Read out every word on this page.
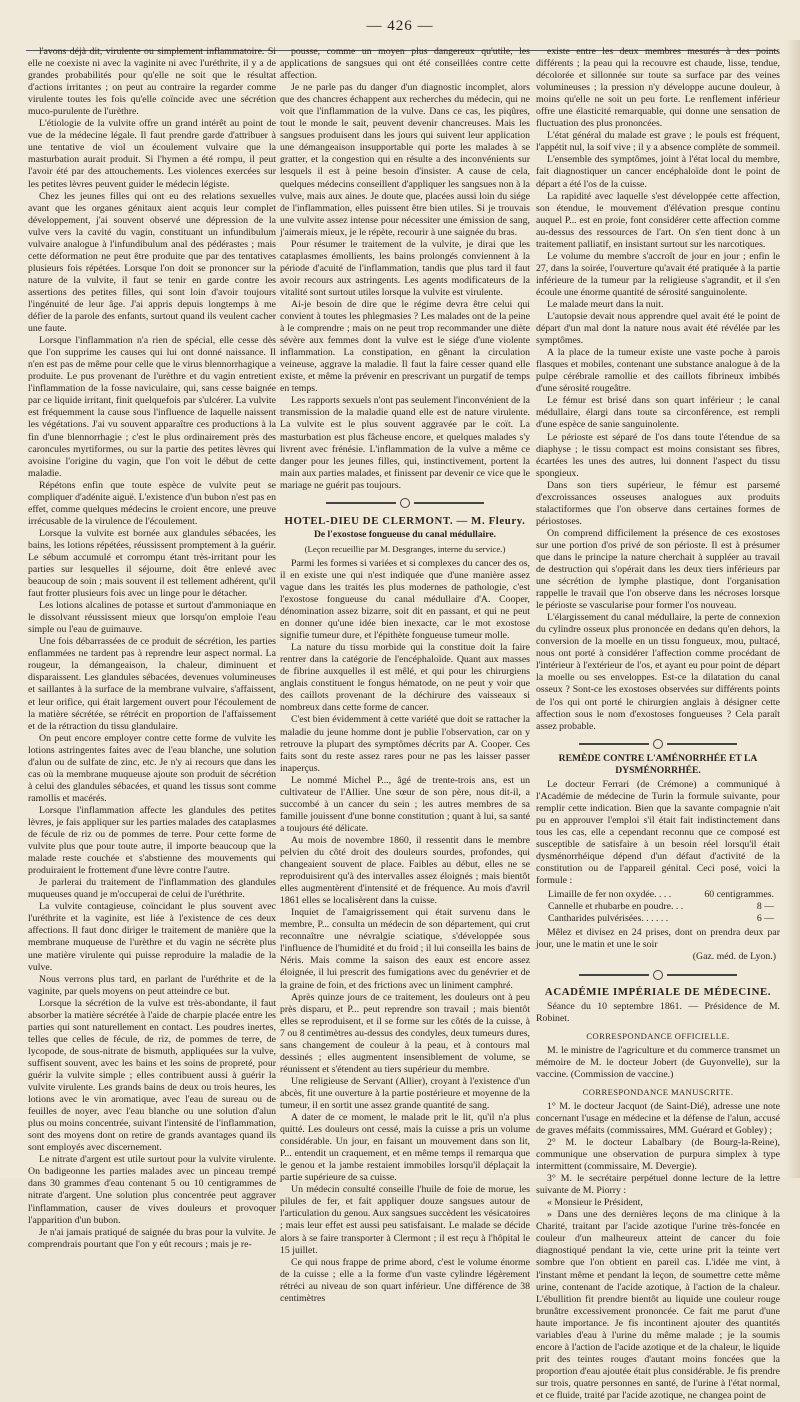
— 426 —

l'avons déjà dit, virulente ou simplement inflammatoire. Si elle ne coexiste ni avec la vaginite ni avec l'uréthrite, il y a de grandes probabilités pour qu'elle ne soit que le résultat d'actions irritantes ; on peut au contraire la regarder comme virulente toutes les fois qu'elle coïncide avec une sécrétion muco-purulente de l'urèthre.

L'étiologie de la vulvite offre un grand intérêt au point de vue de la médecine légale. Il faut prendre garde d'attribuer à une tentative de viol un écoulement vulvaire que la masturbation aurait produit. Si l'hymen a été rompu, il peut l'avoir été par des attouchements. Les violences exercées sur les petites lèvres peuvent guider le médecin légiste.

Chez les jeunes filles qui ont eu des relations sexuelles avant que les organes génitaux aient acquis leur complet développement, j'ai souvent observé une dépression de la vulve vers la cavité du vagin, constituant un infundibulum vulvaire analogue à l'infundibulum anal des pédérastes ; mais cette déformation ne peut être produite que par des tentatives plusieurs fois répétées. Lorsque l'on doit se prononcer sur la nature de la vulvite, il faut se tenir en garde contre les assertions des petites filles, qui sont loin d'avoir toujours l'ingénuité de leur âge. J'ai appris depuis longtemps à me défier de la parole des enfants, surtout quand ils veulent cacher une faute.

Lorsque l'inflammation n'a rien de spécial, elle cesse dès que l'on supprime les causes qui lui ont donné naissance. Il n'en est pas de même pour celle que le virus blennorrhagique a produite. Le pus provenant de l'urèthre et du vagin entretient l'inflammation de la fosse naviculaire, qui, sans cesse baignée par ce liquide irritant, finit quelquefois par s'ulcérer. La vulvite est fréquemment la cause sous l'influence de laquelle naissent les végétations. J'ai vu souvent apparaître ces productions à la fin d'une blennorrhagie ; c'est le plus ordinairement près des caroncules myrtiformes, ou sur la partie des petites lèvres qui avoisine l'origine du vagin, que l'on voit le début de cette maladie.

Répétons enfin que toute espèce de vulvite peut se compliquer d'adénite aiguë. L'existence d'un bubon n'est pas en effet, comme quelques médecins le croient encore, une preuve irrécusable de la virulence de l'écoulement.

Lorsque la vulvite est bornée aux glandules sébacées, les bains, les lotions répétées, réussissent promptement à la guérir. Le sébum accumulé et corrompu étant très-irritant pour les parties sur lesquelles il séjourne, doit être enlevé avec beaucoup de soin ; mais souvent il est tellement adhérent, qu'il faut frotter plusieurs fois avec un linge pour le détacher.

Les lotions alcalines de potasse et surtout d'ammoniaque en le dissolvant réussissent mieux que lorsqu'on emploie l'eau simple ou l'eau de guimauve.

Une fois débarrassées de ce produit de sécrétion, les parties enflammées ne tardent pas à reprendre leur aspect normal. La rougeur, la démangeaison, la chaleur, diminuent et disparaissent. Les glandules sébacées, devenues volumineuses et saillantes à la surface de la membrane vulvaire, s'affaissent, et leur orifice, qui était largement ouvert pour l'écoulement de la matière sécrétée, se rétrécit en proportion de l'affaissement et de la rétraction du tissu glandulaire.

On peut encore employer contre cette forme de vulvite les lotions astringentes faites avec de l'eau blanche, une solution d'alun ou de sulfate de zinc, etc. Je n'y ai recours que dans les cas où la membrane muqueuse ajoute son produit de sécrétion à celui des glandules sébacées, et quand les tissus sont comme ramollis et macérés.

Lorsque l'inflammation affecte les glandules des petites lèvres, je fais appliquer sur les parties malades des cataplasmes de fécule de riz ou de pommes de terre. Pour cette forme de vulvite plus que pour toute autre, il importe beaucoup que la malade reste couchée et s'abstienne des mouvements qui produiraient le frottement d'une lèvre contre l'autre.

Je parlerai du traitement de l'inflammation des glandules muqueuses quand je m'occuperai de celui de l'uréthrite.

La vulvite contagieuse, coïncidant le plus souvent avec l'uréthrite et la vaginite, est liée à l'existence de ces deux affections. Il faut donc diriger le traitement de manière que la membrane muqueuse de l'urèthre et du vagin ne sécrète plus une matière virulente qui puisse reproduire la maladie de la vulve.

Nous verrons plus tard, en parlant de l'uréthrite et de la vaginite, par quels moyens on peut atteindre ce but.

Lorsque la sécrétion de la vulve est très-abondante, il faut absorber la matière sécrétée à l'aide de charpie placée entre les parties qui sont naturellement en contact. Les poudres inertes, telles que celles de fécule, de riz, de pommes de terre, de lycopode, de sous-nitrate de bismuth, appliquées sur la vulve, suffisent souvent, avec les bains et les soins de propreté, pour guérir la vulvite simple ; elles contribuent aussi à guérir la vulvite virulente. Les grands bains de deux ou trois heures, les lotions avec le vin aromatique, avec l'eau de sureau ou de feuilles de noyer, avec l'eau blanche ou une solution d'alun plus ou moins concentrée, suivant l'intensité de l'inflammation, sont des moyens dont on retire de grands avantages quand ils sont employés avec discernement.

Le nitrate d'argent est utile surtout pour la vulvite virulente. On badigeonne les parties malades avec un pinceau trempé dans 30 grammes d'eau contenant 5 ou 10 centigrammes de nitrate d'argent. Une solution plus concentrée peut aggraver l'inflammation, causer de vives douleurs et provoquer l'apparition d'un bubon.

Je n'ai jamais pratiqué de saignée du bras pour la vulvite. Je comprendrais pourtant que l'on y eût recours ; mais je re-

pousse, comme un moyen plus dangereux qu'utile, les applications de sangsues qui ont été conseillées contre cette affection.

Je ne parle pas du danger d'un diagnostic incomplet, alors que des chancres échappent aux recherches du médecin, qui ne voit que l'inflammation de la vulve. Dans ce cas, les piqûres, tout le monde le sait, peuvent devenir chancreuses. Mais les sangsues produisent dans les jours qui suivent leur application une démangeaison insupportable qui porte les malades à se gratter, et la congestion qui en résulte a des inconvénients sur lesquels il est à peine besoin d'insister. A cause de cela, quelques médecins conseillent d'appliquer les sangsues non à la vulve, mais aux aines. Je doute que, placées aussi loin du siége de l'inflammation, elles puissent être bien utiles. Si je trouvais une vulvite assez intense pour nécessiter une émission de sang, j'aimerais mieux, je le répète, recourir à une saignée du bras.

Pour résumer le traitement de la vulvite, je dirai que les cataplasmes émollients, les bains prolongés conviennent à la période d'acuité de l'inflammation, tandis que plus tard il faut avoir recours aux astringents. Les agents modificateurs de la vitalité sont surtout utiles lorsque la vulvite est virulente.

Ai-je besoin de dire que le régime devra être celui qui convient à toutes les phlegmasies ? Les malades ont de la peine à le comprendre ; mais on ne peut trop recommander une diète sévère aux femmes dont la vulve est le siége d'une violente inflammation. La constipation, en gênant la circulation veineuse, aggrave la maladie. Il faut la faire cesser quand elle existe, et même la prévenir en prescrivant un purgatif de temps en temps.

Les rapports sexuels n'ont pas seulement l'inconvénient de la transmission de la maladie quand elle est de nature virulente. La vulvite est le plus souvent aggravée par le coït. La masturbation est plus fâcheuse encore, et quelques malades s'y livrent avec frénésie. L'inflammation de la vulve a même ce danger pour les jeunes filles, qui, instinctivement, portent la main aux parties malades, et finissent par devenir ce vice que le mariage ne guérit pas toujours.

HOTEL-DIEU DE CLERMONT. — M. Fleury.
De l'exostose fongueuse du canal médullaire.
(Leçon recueillie par M. Desgranges, interne du service.)

Parmi les formes si variées et si complexes du cancer des os, il en existe une qui n'est indiquée que d'une manière assez vague dans les traités les plus modernes de pathologie, c'est l'exostose fongueuse du canal médullaire d'A. Cooper, dénomination assez bizarre, soit dit en passant, et qui ne peut en donner qu'une idée bien inexacte, car le mot exostose signifie tumeur dure, et l'épithète fongueuse tumeur molle.

La nature du tissu morbide qui la constitue doit la faire rentrer dans la catégorie de l'encéphaloïde. Quant aux masses de fibrine auxquelles il est mêlé, et qui pour les chirurgiens anglais constituent le fongus hématode, on ne peut y voir que des caillots provenant de la déchirure des vaisseaux si nombreux dans cette forme de cancer.

C'est bien évidemment à cette variété que doit se rattacher la maladie du jeune homme dont je publie l'observation, car on y retrouve la plupart des symptômes décrits par A. Cooper. Ces faits sont du reste assez rares pour ne pas les laisser passer inaperçus.

Le nommé Michel P..., âgé de trente-trois ans, est un cultivateur de l'Allier. Une sœur de son père, nous dit-il, a succombé à un cancer du sein ; les autres membres de sa famille jouissent d'une bonne constitution ; quant à lui, sa santé a toujours été délicate.

Au mois de novembre 1860, il ressentit dans le membre pelvien du côté droit des douleurs sourdes, profondes, qui changeaient souvent de place. Faibles au début, elles ne se reproduisirent qu'à des intervalles assez éloignés ; mais bientôt elles augmentèrent d'intensité et de fréquence. Au mois d'avril 1861 elles se localisèrent dans la cuisse.

Inquiet de l'amaigrissement qui était survenu dans le membre, P... consulta un médecin de son département, qui crut reconnaître une névralgie sciatique, s'développée sous l'influence de l'humidité et du froid ; il lui conseilla les bains de Néris. Mais comme la saison des eaux est encore assez éloignée, il lui prescrit des fumigations avec du genévrier et de la graine de foin, et des frictions avec un liniment camphré.

Après quinze jours de ce traitement, les douleurs ont à peu près disparu, et P... peut reprendre son travail ; mais bientôt elles se reproduisent, et il se forme sur les côtés de la cuisse, à 7 ou 8 centimètres au-dessus des condyles, deux tumeurs dures, sans changement de couleur à la peau, et à contours mal dessinés ; elles augmentent insensiblement de volume, se réunissent et s'étendent au tiers supérieur du membre.

Une religieuse de Servant (Allier), croyant à l'existence d'un abcès, fit une ouverture à la partie postérieure et moyenne de la tumeur, il en sortit une assez grande quantité de sang.

A dater de ce moment, le malade prit le lit, qu'il n'a plus quitté. Les douleurs ont cessé, mais la cuisse a pris un volume considérable. Un jour, en faisant un mouvement dans son lit, P... entendit un craquement, et en même temps il remarqua que le genou et la jambe restaient immobiles lorsqu'il déplaçait la partie supérieure de sa cuisse.

Un médecin consulté conseille l'huile de foie de morue, les pilules de fer, et fait appliquer douze sangsues autour de l'articulation du genou. Aux sangsues succèdent les vésicatoires ; mais leur effet est aussi peu satisfaisant. Le malade se décide alors à se faire transporter à Clermont ; il est reçu à l'hôpital le 15 juillet.

Ce qui nous frappe de prime abord, c'est le volume énorme de la cuisse ; elle a la forme d'un vaste cylindre légèrement rétréci au niveau de son quart inférieur. Une différence de 38 centimètres

existe entre les deux membres mesurés à des points différents ; la peau qui la recouvre est chaude, lisse, tendue, décolorée et sillonnée sur toute sa surface par des veines volumineuses ; la pression n'y développe aucune douleur, à moins qu'elle ne soit un peu forte. Le renflement inférieur offre une élasticité remarquable, qui donne une sensation de fluctuation des plus prononcées.

L'état général du malade est grave ; le pouls est fréquent, l'appétit nul, la soif vive ; il y a absence complète de sommeil.

L'ensemble des symptômes, joint à l'état local du membre, fait diagnostiquer un cancer encéphaloïde dont le point de départ a été l'os de la cuisse.

La rapidité avec laquelle s'est développée cette affection, son étendue, le mouvement d'élévation presque continu auquel P... est en proie, font considérer cette affection comme au-dessus des ressources de l'art. On s'en tient donc à un traitement palliatif, en insistant surtout sur les narcotiques.

Le volume du membre s'accroît de jour en jour ; enfin le 27, dans la soirée, l'ouverture qu'avait été pratiquée à la partie inférieure de la tumeur par la religieuse s'agrandit, et il s'en écoule une énorme quantité de sérosité sanguinolente.

Le malade meurt dans la nuit.

L'autopsie devait nous apprendre quel avait été le point de départ d'un mal dont la nature nous avait été révélée par les symptômes.

A la place de la tumeur existe une vaste poche à parois flasques et mobiles, contenant une substance analogue à de la pulpe cérébrale ramollie et des caillots fibrineux imbibés d'une sérosité rougeâtre.

Le fémur est brisé dans son quart inférieur ; le canal médullaire, élargi dans toute sa circonférence, est rempli d'une espèce de sanie sanguinolente.

Le périoste est séparé de l'os dans toute l'étendue de sa diaphyse ; le tissu compact est moins consistant ses fibres, écartées les unes des autres, lui donnent l'aspect du tissu spongieux.

Dans son tiers supérieur, le fémur est parsemé d'excroissances osseuses analogues aux produits stalactiformes que l'on observe dans certaines formes de périostoses.

On comprend difficilement la présence de ces exostoses sur une portion d'os privé de son périoste. Il est à présumer que dans le principe la nature cherchait à suppléer au travail de destruction qui s'opérait dans les deux tiers inférieurs par une sécrétion de lymphe plastique, dont l'organisation rappelle le travail que l'on observe dans les nécroses lorsque le périoste se vascularise pour former l'os nouveau.

L'élargissement du canal médullaire, la perte de connexion du cylindre osseux plus prononcée en dedans qu'en dehors, la conversion de la moelle en un tissu fongueux, mou, pultacé, nous ont porté à considérer l'affection comme procédant de l'intérieur à l'extérieur de l'os, et ayant eu pour point de départ la moelle ou ses enveloppes. Est-ce la dilatation du canal osseux ? Sont-ce les exostoses observées sur différents points de l'os qui ont porté le chirurgien anglais à désigner cette affection sous le nom d'exostoses fongueuses ? Cela paraît assez probable.

REMÈDE CONTRE L'AMÉNORRHÉE ET LA DYSMÉNORRHÉE.

Le docteur Ferrari (de Crémone) a communiqué à l'Académie de médecine de Turin la formule suivante, pour remplir cette indication. Bien que la savante compagnie n'ait pu en approuver l'emploi s'il était fait indistinctement dans tous les cas, elle a cependant reconnu que ce composé est susceptible de satisfaire à un besoin réel lorsqu'il était dysménorrhéique dépend d'un défaut d'activité de la constitution ou de l'appareil génital. Ceci posé, voici la formule :

Limaille de fer non oxydée. . . .	60 centigrammes.
Cannelle et rhubarbe en poudre. . .	8 —
Cantharides pulvérisées. . . . . .	6 —

Mêlez et divisez en 24 prises, dont on prendra deux par jour, une le matin et une le soir

(Gaz. méd. de Lyon.)
ACADÉMIE IMPÉRIALE DE MÉDECINE.

Séance du 10 septembre 1861. — Présidence de M. Robinet.

CORRESPONDANCE OFFICIELLE.

M. le ministre de l'agriculture et du commerce transmet un mémoire de M. le docteur Jobert (de Guyonvelle), sur la vaccine. (Commission de vaccine.)

CORRESPONDANCE MANUSCRITE.

1° M. le docteur Jacquot (de Saint-Dié), adresse une note concernant l'usage en médecine et la défense de l'alun, accusé de graves méfaits (commissaires, MM. Guérard et Gobley) ;

2° M. le docteur Labalbary (de Bourg-la-Reine), communique une observation de purpura simplex à type intermittent (commissaire, M. Devergie).

3° M. le secrétaire perpétuel donne lecture de la lettre suivante de M. Piorry :

« Monsieur le Président,

» Dans une des dernières leçons de ma clinique à la Charité, traitant par l'acide azotique l'urine très-foncée en couleur d'un malheureux atteint de cancer du foie diagnostiqué pendant la vie, cette urine prit la teinte vert sombre que l'on obtient en pareil cas. L'idée me vint, à l'instant même et pendant la leçon, de soumettre cette même urine, contenant de l'acide azotique, à l'action de la chaleur. L'ébullition fit prendre bientôt au liquide une couleur rouge brunâtre excessivement prononcée. Ce fait me parut d'une haute importance. Je fis incontinent ajouter des quantités variables d'eau à l'urine du même malade ; je la soumis encore à l'action de l'acide azotique et de la chaleur, le liquide prit des teintes rouges d'autant moins foncées que la proportion d'eau ajoutée était plus considérable. Je fis prendre sur trois, quatre personnes en santé, de l'urine à l'état normal, et ce fluide, traité par l'acide azotique, ne changea point de
